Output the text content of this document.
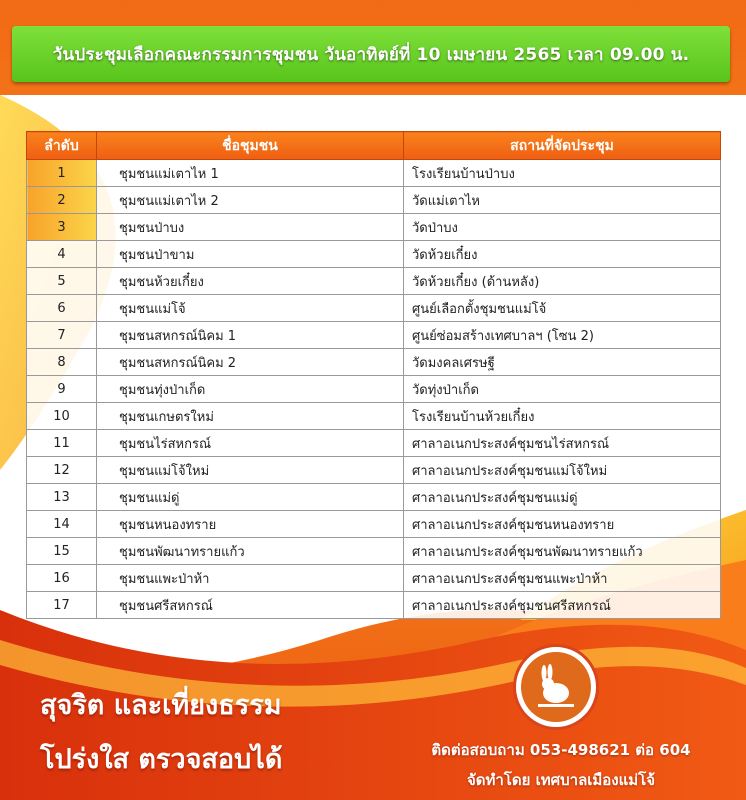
วันประชุมเลือกคณะกรรมการชุมชน วันอาทิตย์ที่ 10 เมษายน 2565 เวลา 09.00 น.
ลำดับ	ชื่อชุมชน	สถานที่จัดประชุม
1	ชุมชนแม่เตาไห 1	โรงเรียนบ้านป่าบง
2	ชุมชนแม่เตาไห 2	วัดแม่เตาไห
3	ชุมชนป่าบง	วัดป่าบง
4	ชุมชนป่าขาม	วัดห้วยเกี๋ยง
5	ชุมชนห้วยเกี๋ยง	วัดห้วยเกี๋ยง (ด้านหลัง)
6	ชุมชนแม่โจ้	ศูนย์เลือกตั้งชุมชนแม่โจ้
7	ชุมชนสหกรณ์นิคม 1	ศูนย์ซ่อมสร้างเทศบาลฯ (โซน 2)
8	ชุมชนสหกรณ์นิคม 2	วัดมงคลเศรษฐี
9	ชุมชนทุ่งป่าเก็ด	วัดทุ่งป่าเก็ด
10	ชุมชนเกษตรใหม่	โรงเรียนบ้านห้วยเกี๋ยง
11	ชุมชนไร่สหกรณ์	ศาลาอเนกประสงค์ชุมชนไร่สหกรณ์
12	ชุมชนแม่โจ้ใหม่	ศาลาอเนกประสงค์ชุมชนแม่โจ้ใหม่
13	ชุมชนแม่ดู่	ศาลาอเนกประสงค์ชุมชนแม่ดู่
14	ชุมชนหนองทราย	ศาลาอเนกประสงค์ชุมชนหนองทราย
15	ชุมชนพัฒนาทรายแก้ว	ศาลาอเนกประสงค์ชุมชนพัฒนาทรายแก้ว
16	ชุมชนแพะป่าห้า	ศาลาอเนกประสงค์ชุมชนแพะป่าห้า
17	ชุมชนศรีสหกรณ์	ศาลาอเนกประสงค์ชุมชนศรีสหกรณ์
สุจริต และเที่ยงธรรม
โปร่งใส ตรวจสอบได้	ติดต่อสอบถาม 053-498621 ต่อ 604
จัดทำโดย เทศบาลเมืองแม่โจ้
